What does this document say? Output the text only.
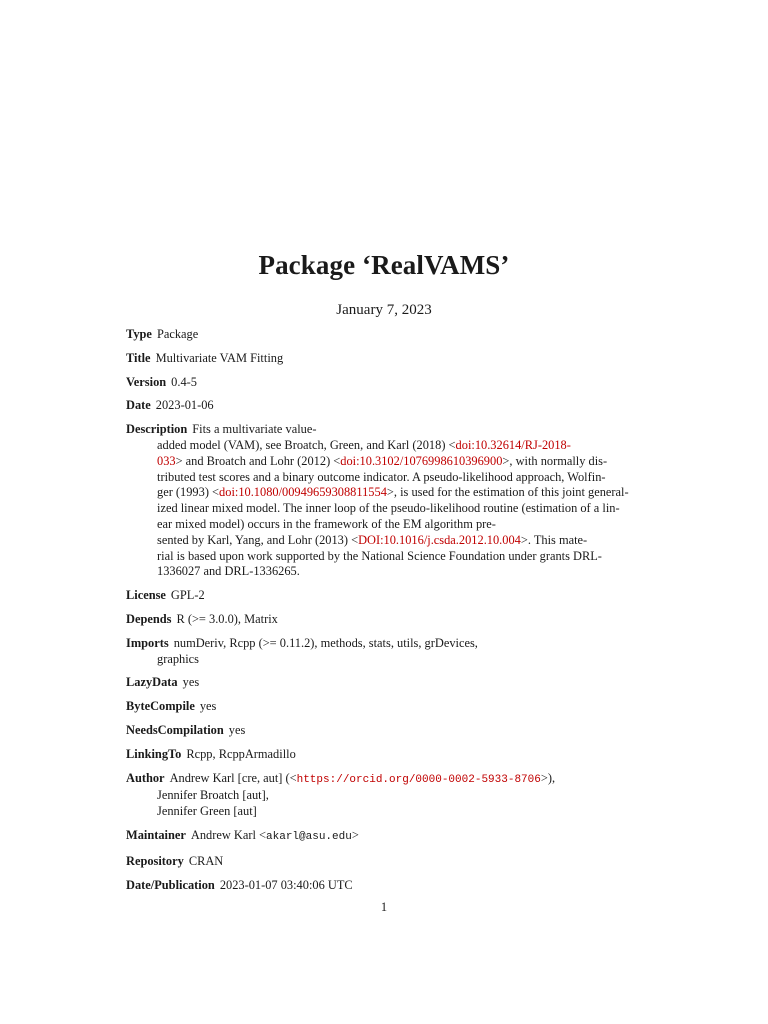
Package ‘RealVAMS’
January 7, 2023
Type Package
Title Multivariate VAM Fitting
Version 0.4-5
Date 2023-01-06
Description Fits a multivariate value-
added model (VAM), see Broatch, Green, and Karl (2018) <doi:10.32614/RJ-2018-
033> and Broatch and Lohr (2012) <doi:10.3102/1076998610396900>, with normally dis-
tributed test scores and a binary outcome indicator. A pseudo-likelihood approach, Wolfin-
ger (1993) <doi:10.1080/00949659308811554>, is used for the estimation of this joint general-
ized linear mixed model. The inner loop of the pseudo-likelihood routine (estimation of a lin-
ear mixed model) occurs in the framework of the EM algorithm pre-
sented by Karl, Yang, and Lohr (2013) <DOI:10.1016/j.csda.2012.10.004>. This mate-
rial is based upon work supported by the National Science Foundation under grants DRL-
1336027 and DRL-1336265.
License GPL-2
Depends R (>= 3.0.0), Matrix
Imports numDeriv, Rcpp (>= 0.11.2), methods, stats, utils, grDevices,
graphics
LazyData yes
ByteCompile yes
NeedsCompilation yes
LinkingTo Rcpp, RcppArmadillo
Author Andrew Karl [cre, aut] (<https://orcid.org/0000-0002-5933-8706>),
Jennifer Broatch [aut],
Jennifer Green [aut]
Maintainer Andrew Karl <akarl@asu.edu>
Repository CRAN
Date/Publication 2023-01-07 03:40:06 UTC
1
